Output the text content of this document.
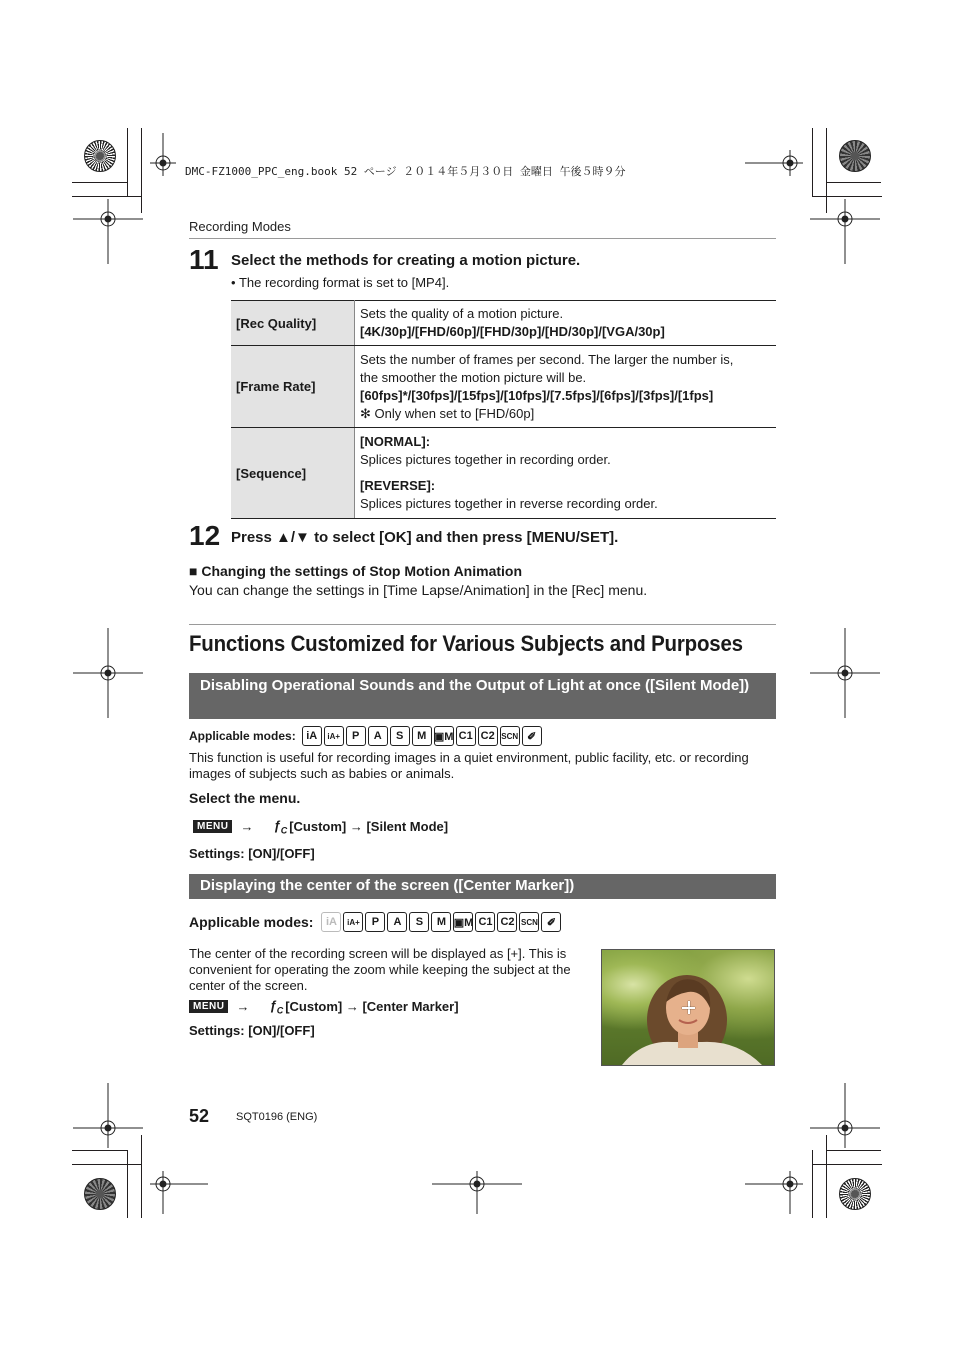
DMC-FZ1000_PPC_eng.book 52 ページ ２０１４年５月３０日 金曜日 午後５時９分
Recording Modes
11 Select the methods for creating a motion picture.
• The recording format is set to [MP4].
[Rec Quality]	Sets the quality of a motion picture.
[4K/30p]/[FHD/60p]/[FHD/30p]/[HD/30p]/[VGA/30p]

[Frame Rate]	Sets the number of frames per second. The larger the number is,
the smoother the motion picture will be.
[60fps]*/[30fps]/[15fps]/[10fps]/[7.5fps]/[6fps]/[3fps]/[1fps]
✻ Only when set to [FHD/60p]

[Sequence]	[NORMAL]:
Splices pictures together in recording order.
[REVERSE]:
Splices pictures together in reverse recording order.
12 Press ▲/▼ to select [OK] and then press [MENU/SET].
■ Changing the settings of Stop Motion Animation
You can change the settings in [Time Lapse/Animation] in the [Rec] menu.
Functions Customized for Various Subjects and Purposes
Disabling Operational Sounds and the Output of Light at once ([Silent Mode])
Applicable modes: iA	iA+	P	A	S	M ▣M C1 C2 SCN ✐
This function is useful for recording images in a quiet environment, public facility, etc. or recording images of subjects such as babies or animals.
Select the menu.
MENU → $ƒ_C$ [Custom] → [Silent Mode]
Settings: [ON]/[OFF]
Displaying the center of the screen ([Center Marker])
Applicable modes:	iA	iA+	P	A	S	M ▣M C1 C2 SCN ✐
The center of the recording screen will be displayed as [+]. This is convenient for operating the zoom while keeping the subject at the center of the screen.
MENU → $ƒ_C$ [Custom] → [Center Marker]
Settings: [ON]/[OFF]
52 SQT0196 (ENG)
